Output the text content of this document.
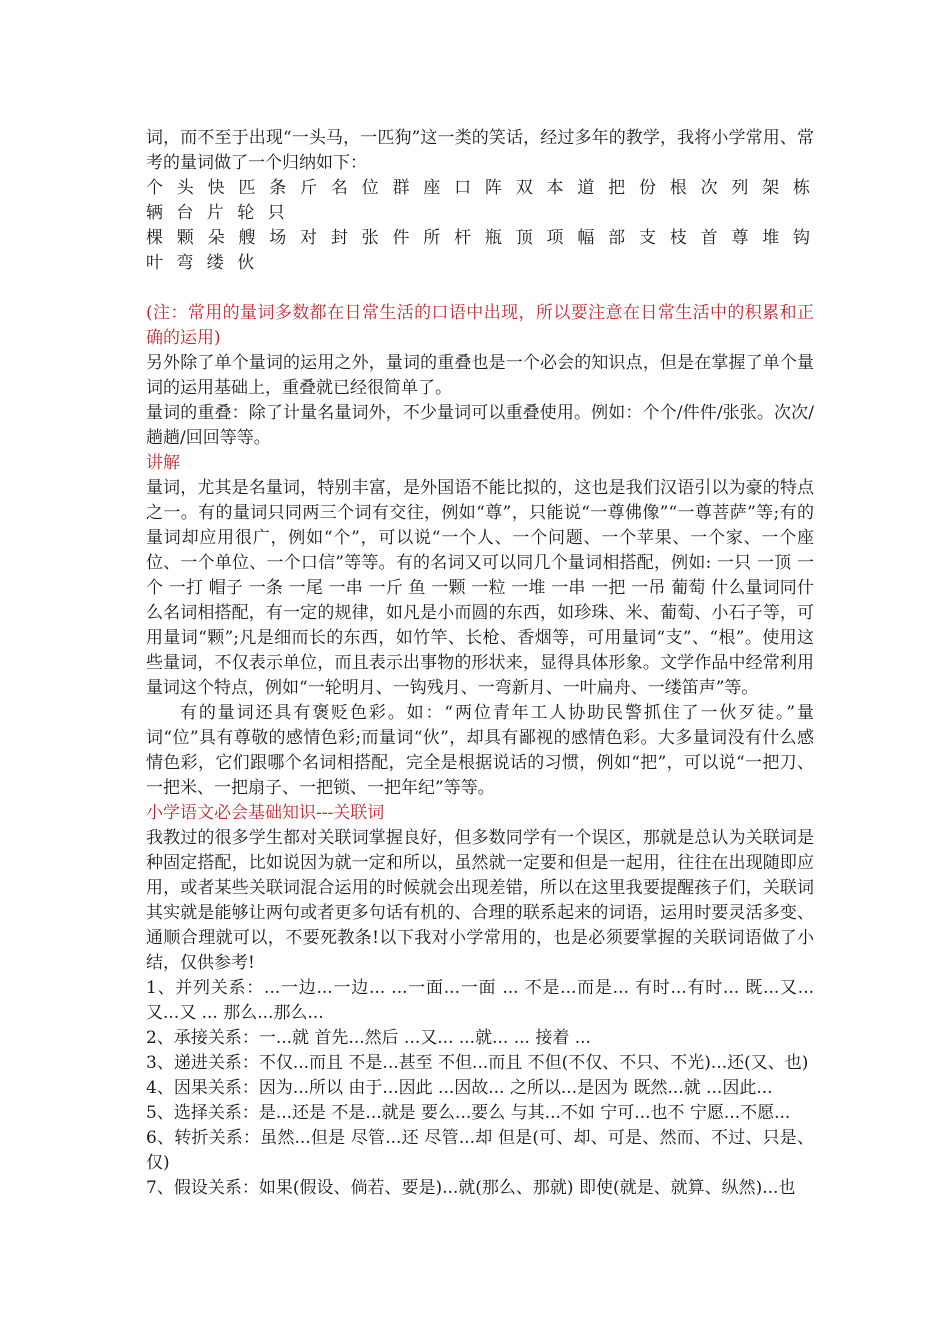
词，而不至于出现“一头马，一匹狗”这一类的笑话，经过多年的教学，我将小学常用、常考的量词做了一个归纳如下：

个 头 快 匹 条 斤 名 位 群 座 口 阵 双 本 道 把 份 根 次 列 架 栋 辆 台 片 轮 只

棵 颗 朵 艘 场 对 封 张 件 所 杆 瓶 顶 项 幅 部 支 枝 首 尊 堆 钩 叶 弯 缕 伙

(注：常用的量词多数都在日常生活的口语中出现，所以要注意在日常生活中的积累和正确的运用)

另外除了单个量词的运用之外，量词的重叠也是一个必会的知识点，但是在掌握了单个量词的运用基础上，重叠就已经很简单了。

量词的重叠：除了计量名量词外，不少量词可以重叠使用。例如：个个/件件/张张。次次/趟趟/回回等等。

讲解

量词，尤其是名量词，特别丰富，是外国语不能比拟的，这也是我们汉语引以为豪的特点之一。有的量词只同两三个词有交往，例如“尊”，只能说“一尊佛像”“一尊菩萨”等;有的量词却应用很广，例如“个”，可以说“一个人、一个问题、一个苹果、一个家、一个座位、一个单位、一个口信”等等。有的名词又可以同几个量词相搭配，例如: 一只 一顶 一个 一打 帽子 一条 一尾 一串 一斤 鱼 一颗 一粒 一堆 一串 一把 一吊 葡萄 什么量词同什么名词相搭配，有一定的规律，如凡是小而圆的东西，如珍珠、米、葡萄、小石子等，可用量词“颗”;凡是细而长的东西，如竹竿、长枪、香烟等，可用量词“支”、“根”。使用这些量词，不仅表示单位，而且表示出事物的形状来，显得具体形象。文学作品中经常利用量词这个特点，例如“一轮明月、一钩残月、一弯新月、一叶扁舟、一缕笛声”等。

有的量词还具有褒贬色彩。如：“两位青年工人协助民警抓住了一伙歹徒。”量词“位”具有尊敬的感情色彩;而量词“伙”，却具有鄙视的感情色彩。大多量词没有什么感情色彩，它们跟哪个名词相搭配，完全是根据说话的习惯，例如“把”，可以说“一把刀、一把米、一把扇子、一把锁、一把年纪”等等。

小学语文必会基础知识---关联词

我教过的很多学生都对关联词掌握良好，但多数同学有一个误区，那就是总认为关联词是种固定搭配，比如说因为就一定和所以，虽然就一定要和但是一起用，往往在出现随即应用，或者某些关联词混合运用的时候就会出现差错，所以在这里我要提醒孩子们，关联词其实就是能够让两句或者更多句话有机的、合理的联系起来的词语，运用时要灵活多变、通顺合理就可以，不要死教条!以下我对小学常用的，也是必须要掌握的关联词语做了小结，仅供参考!

1、并列关系：...一边...一边... ...一面...一面 ... 不是...而是... 有时...有时... 既...又... 又...又 ... 那么...那么...

2、承接关系：一...就 首先...然后 ...又... ...就... ... 接着 ...

3、递进关系：不仅...而且 不是...甚至 不但...而且 不但(不仅、不只、不光)...还(又、也)

4、因果关系：因为...所以 由于...因此 ...因故... 之所以...是因为 既然...就 ...因此...

5、选择关系：是...还是 不是...就是 要么...要么 与其...不如 宁可...也不 宁愿...不愿...

6、转折关系：虽然...但是 尽管...还 尽管...却 但是(可、却、可是、然而、不过、只是、仅)

7、假设关系：如果(假设、倘若、要是)...就(那么、那就) 即使(就是、就算、纵然)...也
